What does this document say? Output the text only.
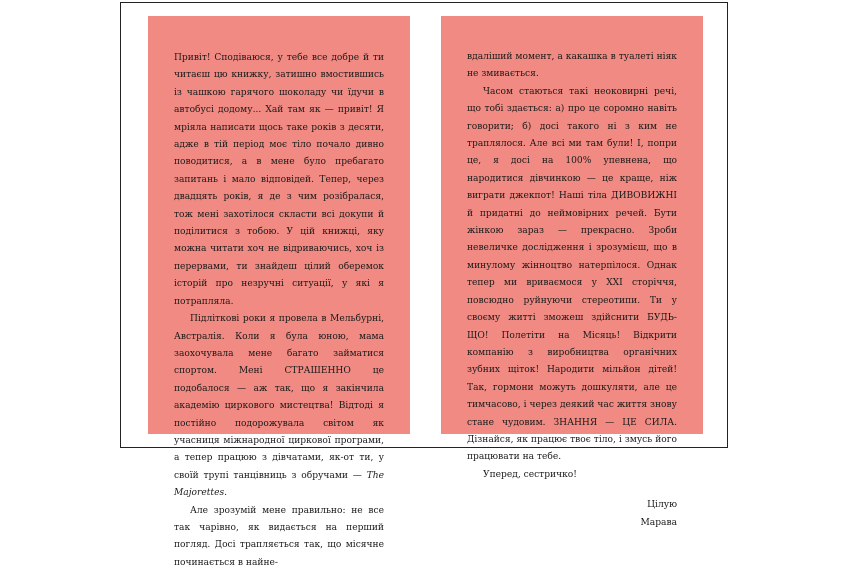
Привіт! Сподіваюся, у тебе все добре й ти читаєш цю книжку, затишно вмостившись із чашкою гарячого шоколаду чи їдучи в автобусі додому... Хай там як — привіт! Я мріяла написати щось таке років з десяти, адже в тій період моє тіло почало дивно поводитися, а в мене було пребагато запитань і мало відповідей. Тепер, через двадцять років, я де з чим розібралася, тож мені захотілося скласти всі докупи й поділитися з тобою. У цій книжці, яку можна читати хоч не відриваючись, хоч із перервами, ти знайдеш цілий оберемок історій про незручні ситуації, у які я потрапляла.

Підліткові роки я провела в Мельбурні, Австралія. Коли я була юною, мама заохочувала мене багато займатися спортом. Мені СТРАШЕННО це подобалося — аж так, що я закінчила академію циркового мистецтва! Відтоді я постійно подорожувала світом як учасниця міжнародної циркової програми, а тепер працюю з дівчатами, як-от ти, у своїй трупі танцівниць з обручами — The Majorettes.

Але зрозумій мене правильно: не все так чарівно, як видається на перший погляд. Досі трапляється так, що місячне починається в найне-

вдаліший момент, а какашка в туалеті ніяк не змивається.

Часом стаються такі неоковирні речі, що тобі здається: а) про це соромно навіть говорити; б) досі такого ні з ким не траплялося. Але всі ми там були! І, попри це, я досі на 100% упевнена, що народитися дівчинкою — це краще, ніж виграти джекпот! Наші тіла ДИВОВИЖНІ й придатні до неймовірних речей. Бути жінкою зараз — прекрасно. Зроби невеличке дослідження і зрозумієш, що в минулому жінноцтво натерпілося. Однак тепер ми вриваємося у ХХІ сторіччя, повсюдно руйнуючи стереотипи. Ти у своєму житті зможеш здійснити БУДЬ-ЩО! Полетіти на Місяць! Відкрити компанію з виробництва органічних зубних щіток! Народити мільйон дітей! Так, гормони можуть дошкуляти, але це тимчасово, і через деякий час життя знову стане чудовим. ЗНАННЯ — ЦЕ СИЛА. Дізнайся, як працює твоє тіло, і змусь його працювати на тебе.

Уперед, сестричко!

Цілую
Марава
